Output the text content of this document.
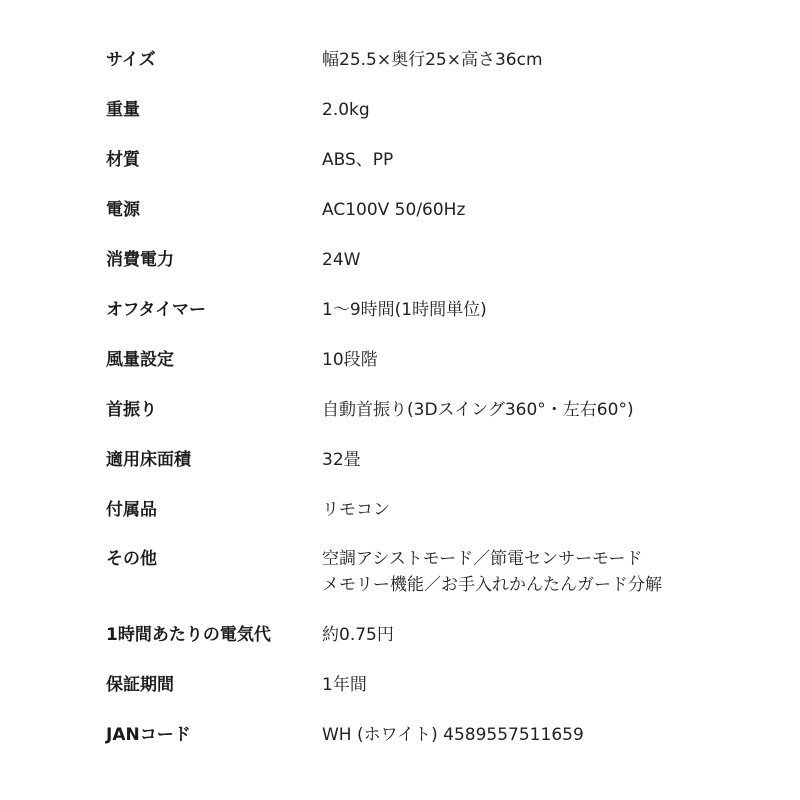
サイズ	幅25.5×奥行25×高さ36cm
重量	2.0kg
材質	ABS、PP
電源	AC100V 50/60Hz
消費電力	24W
オフタイマー	1〜9時間(1時間単位)
風量設定	10段階
首振り	自動首振り(3Dスイング360°・左右60°)
適用床面積	32畳
付属品	リモコン
その他	空調アシストモード／節電センサーモード
メモリー機能／お手入れかんたんガード分解
1時間あたりの電気代	約0.75円
保証期間	1年間
JANコード	WH (ホワイト) 4589557511659
